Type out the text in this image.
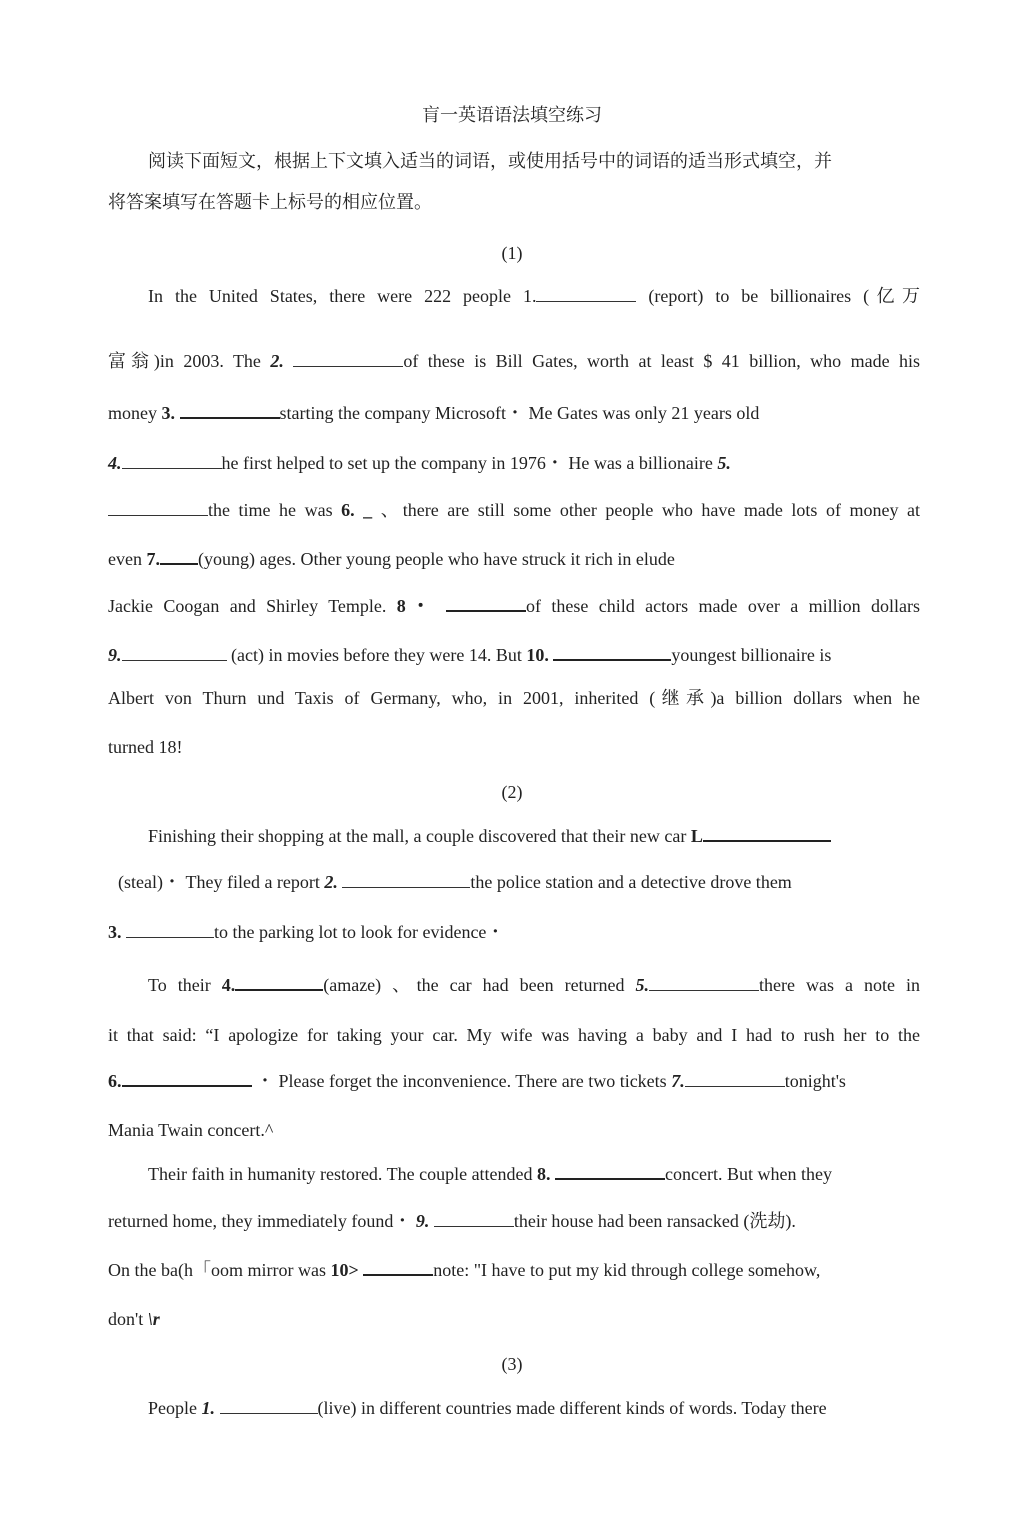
肓一英语语法填空练习
阅读下面短文，根据上下文填入适当的词语，或使用括号中的词语的适当形式填空，并
将答案填写在答题卡上标号的相应位置。
(1)
In the United States, there were 222 people 1.	(report) to be billionaires (亿万
富翁)in 2003. The 2.	of these is Bill Gates, worth at least $ 41 billion, who made his
money 3.	starting the company Microsoft・ Me Gates was only 21 years old
4.	he first helped to set up the company in 1976・ He was a billionaire 5.
the time he was 6. _ 、there are still some other people who have made lots of money at
even 7. (young) ages. Other young people who have struck it rich in elude
Jackie Coogan and Shirley Temple. 8・	of these child actors made over a million dollars
9.	(act) in movies before they were 14. But 10.	youngest billionaire is
Albert von Thurn und Taxis of Germany, who, in 2001, inherited (继承)a billion dollars when he
turned 18!
(2)
Finishing their shopping at the mall, a couple discovered that their new car L
(steal)・ They filed a report 2.	the police station and a detective drove them
3.	to the parking lot to look for evidence・
To their 4.	(amaze) 、the car had been returned 5.	there was a note in
it that said: “I apologize for taking your car. My wife was having a baby and I had to rush her to the
6.	・ Please forget the inconvenience. There are two tickets 7.	tonight's
Mania Twain concert.^
Their faith in humanity restored. The couple attended 8.	concert. But when they
returned home, they immediately found・ 9.	their house had been ransacked (洗劫).
On the ba(h「oom mirror was 10>	note: "I have to put my kid through college somehow,
don't \r
(3)
People 1.	(live) in different countries made different kinds of words. Today there
